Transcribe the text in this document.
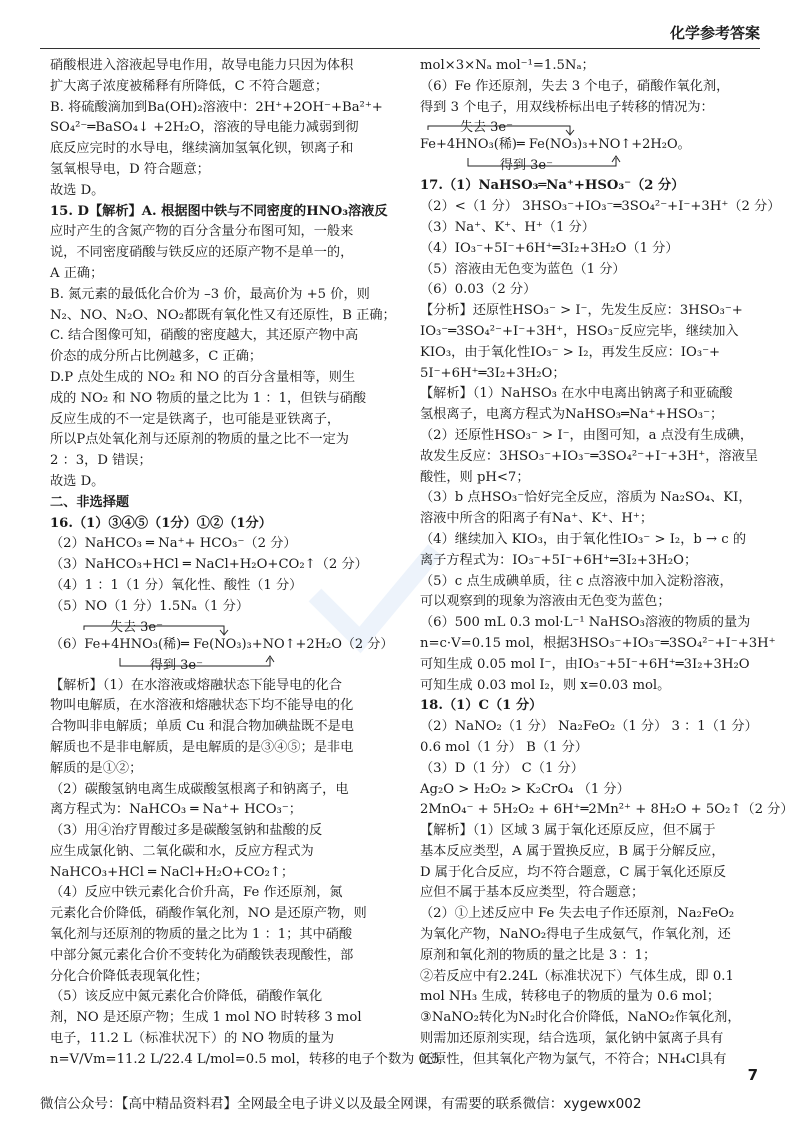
化学参考答案
硝酸根进入溶液起导电作用，故导电能力只因为体积
扩大离子浓度被稀释有所降低，C 不符合题意；
B. 将硫酸滴加到Ba(OH)₂溶液中：2H⁺+2OH⁻+Ba²⁺+
SO₄²⁻═BaSO₄↓ +2H₂O，溶液的导电能力减弱到彻
底反应完时的水导电，继续滴加氢氧化钡，钡离子和
氢氧根导电，D 符合题意；
故选 D。
15. D【解析】A. 根据图中铁与不同密度的HNO₃溶液反
应时产生的含氮产物的百分含量分布图可知，一般来
说，不同密度硝酸与铁反应的还原产物不是单一的，
A 正确；
B. 氮元素的最低化合价为 –3 价，最高价为 +5 价，则
N₂、NO、N₂O、NO₂都既有氧化性又有还原性，B 正确；
C. 结合图像可知，硝酸的密度越大，其还原产物中高
价态的成分所占比例越多，C 正确；
D.P 点处生成的 NO₂ 和 NO 的百分含量相等，则生
成的 NO₂ 和 NO 物质的量之比为 1 ：1，但铁与硝酸
反应生成的不一定是铁离子，也可能是亚铁离子，
所以P点处氧化剂与还原剂的物质的量之比不一定为
2 ：3，D 错误；
故选 D。
二、非选择题
16.（1）③④⑤（1分）①②（1分）
（2）NaHCO₃ ═ Na⁺+ HCO₃⁻（2 分）
（3）NaHCO₃+HCl ═ NaCl+H₂O+CO₂↑（2 分）
（4）1 ：1（1 分）氧化性、酸性（1 分）
（5）NO（1 分）1.5Nₐ（1 分）
失去 3e⁻
（6）Fe+4HNO₃(稀)═ Fe(NO₃)₃+NO↑+2H₂O（2 分）
得到 3e⁻
【解析】（1）在水溶液或熔融状态下能导电的化合
物叫电解质，在水溶液和熔融状态下均不能导电的化
合物叫非电解质；单质 Cu 和混合物加碘盐既不是电
解质也不是非电解质，是电解质的是③④⑤；是非电
解质的是①②；
（2）碳酸氢钠电离生成碳酸氢根离子和钠离子，电
离方程式为：NaHCO₃ ═ Na⁺+ HCO₃⁻；
（3）用④治疗胃酸过多是碳酸氢钠和盐酸的反
应生成氯化钠、二氧化碳和水，反应方程式为
NaHCO₃+HCl ═ NaCl+H₂O+CO₂↑；
（4）反应中铁元素化合价升高，Fe 作还原剂，氮
元素化合价降低，硝酸作氧化剂，NO 是还原产物，则
氧化剂与还原剂的物质的量之比为 1 ：1；其中硝酸
中部分氮元素化合价不变转化为硝酸铁表现酸性，部
分化合价降低表现氧化性；
（5）该反应中氮元素化合价降低，硝酸作氧化
剂，NO 是还原产物；生成 1 mol NO 时转移 3 mol
电子，11.2 L（标准状况下）的 NO 物质的量为
n=V/Vm=11.2 L/22.4 L/mol=0.5 mol，转移的电子个数为 0.5
mol×3×Nₐ mol⁻¹=1.5Nₐ；
（6）Fe 作还原剂，失去 3 个电子，硝酸作氧化剂，
得到 3 个电子，用双线桥标出电子转移的情况为：
失去 3e⁻
Fe+4HNO₃(稀)═ Fe(NO₃)₃+NO↑+2H₂O。
得到 3e⁻
17.（1）NaHSO₃═Na⁺+HSO₃⁻（2 分）
（2）<（1 分） 3HSO₃⁻+IO₃⁻═3SO₄²⁻+I⁻+3H⁺（2 分）
（3）Na⁺、K⁺、H⁺（1 分）
（4）IO₃⁻+5I⁻+6H⁺═3I₂+3H₂O（1 分）
（5）溶液由无色变为蓝色（1 分）
（6）0.03（2 分）
【分析】还原性HSO₃⁻ > I⁻，先发生反应：3HSO₃⁻+
IO₃⁻═3SO₄²⁻+I⁻+3H⁺，HSO₃⁻反应完毕，继续加入
KIO₃，由于氧化性IO₃⁻ > I₂，再发生反应：IO₃⁻+
5I⁻+6H⁺═3I₂+3H₂O；
【解析】（1）NaHSO₃ 在水中电离出钠离子和亚硫酸
氢根离子，电离方程式为NaHSO₃═Na⁺+HSO₃⁻；
（2）还原性HSO₃⁻ > I⁻，由图可知，a 点没有生成碘，
故发生反应：3HSO₃⁻+IO₃⁻═3SO₄²⁻+I⁻+3H⁺，溶液呈
酸性，则 pH<7；
（3）b 点HSO₃⁻恰好完全反应，溶质为 Na₂SO₄、KI，
溶液中所含的阳离子有Na⁺、K⁺、H⁺；
（4）继续加入 KIO₃，由于氧化性IO₃⁻ > I₂，b → c 的
离子方程式为：IO₃⁻+5I⁻+6H⁺═3I₂+3H₂O；
（5）c 点生成碘单质，往 c 点溶液中加入淀粉溶液，
可以观察到的现象为溶液由无色变为蓝色；
（6）500 mL 0.3 mol·L⁻¹ NaHSO₃溶液的物质的量为
n=c·V=0.15 mol，根据3HSO₃⁻+IO₃⁻═3SO₄²⁻+I⁻+3H⁺
可知生成 0.05 mol I⁻，由IO₃⁻+5I⁻+6H⁺═3I₂+3H₂O
可知生成 0.03 mol I₂，则 x=0.03 mol。
18.（1）C（1 分）
（2）NaNO₂（1 分） Na₂FeO₂（1 分） 3 ：1（1 分）
0.6 mol（1 分） B（1 分）
（3）D（1 分） C（1 分）
Ag₂O > H₂O₂ > K₂CrO₄ （1 分）
2MnO₄⁻ + 5H₂O₂ + 6H⁺═2Mn²⁺ + 8H₂O + 5O₂↑（2 分）
【解析】（1）区域 3 属于氧化还原反应，但不属于
基本反应类型，A 属于置换反应，B 属于分解反应，
D 属于化合反应，均不符合题意，C 属于氧化还原反
应但不属于基本反应类型，符合题意；
（2）①上述反应中 Fe 失去电子作还原剂，Na₂FeO₂
为氧化产物，NaNO₂得电子生成氨气，作氧化剂，还
原剂和氧化剂的物质的量之比是 3 ：1；
②若反应中有2.24L（标准状况下）气体生成，即 0.1
mol NH₃ 生成，转移电子的物质的量为 0.6 mol；
③NaNO₂转化为N₂时化合价降低，NaNO₂作氧化剂，
则需加还原剂实现，结合选项，氯化钠中氯离子具有
还原性，但其氧化产物为氯气，不符合；NH₄Cl具有
7
微信公众号：【高中精品资料君】全网最全电子讲义以及最全网课，有需要的联系微信：xygewx002
